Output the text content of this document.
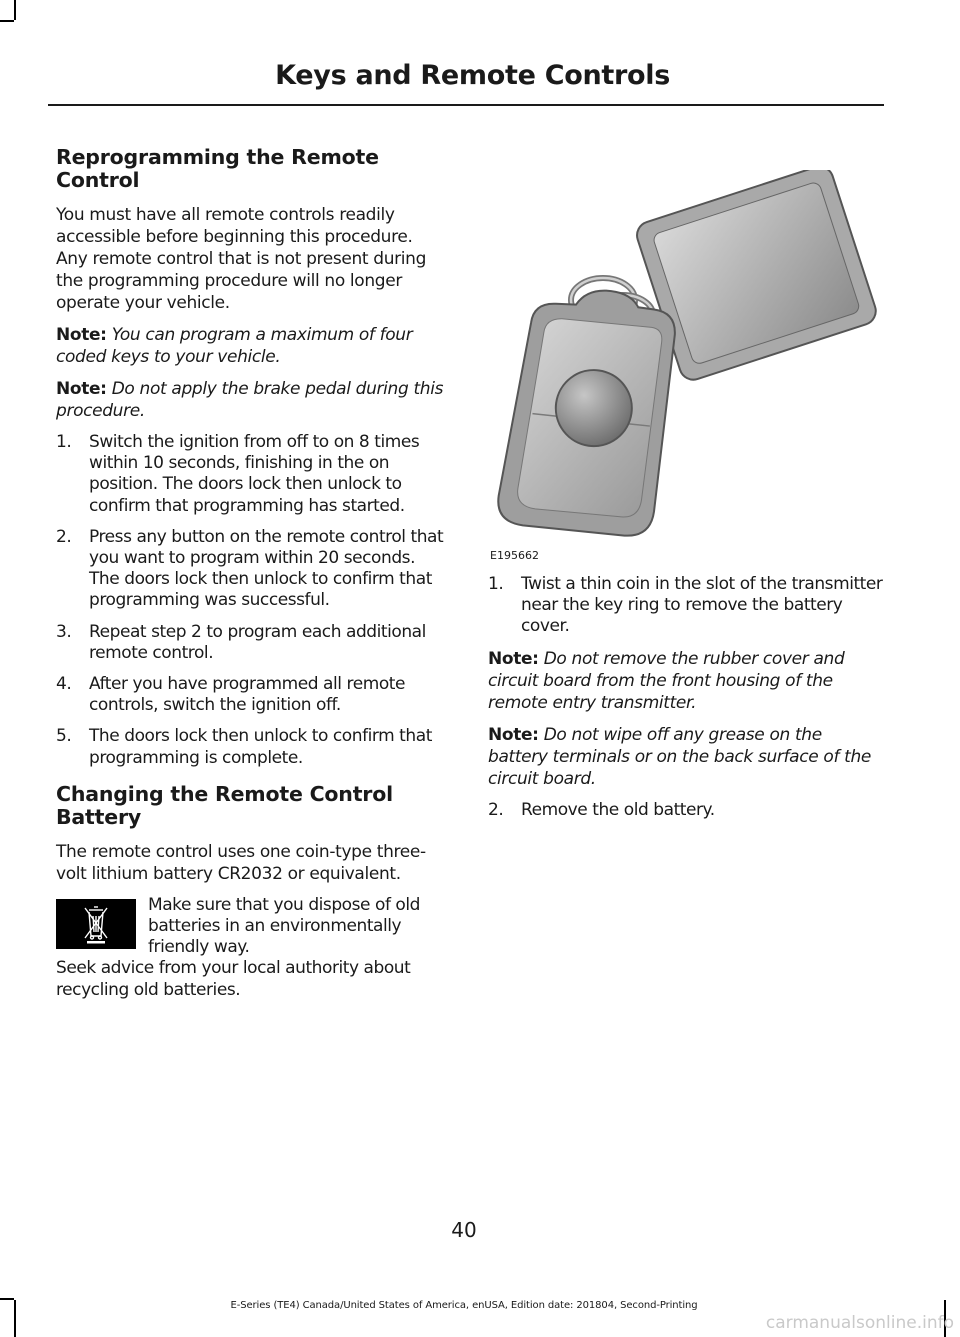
Keys and Remote Controls
Reprogramming the Remote Control

You must have all remote controls readily accessible before beginning this procedure. Any remote control that is not present during the programming procedure will no longer operate your vehicle.

Note: You can program a maximum of four coded keys to your vehicle.

Note: Do not apply the brake pedal during this procedure.

1. Switch the ignition from off to on 8 times within 10 seconds, finishing in the on position. The doors lock then unlock to confirm that programming has started.
2. Press any button on the remote control that you want to program within 20 seconds. The doors lock then unlock to confirm that programming was successful.
3. Repeat step 2 to program each additional remote control.
4. After you have programmed all remote controls, switch the ignition off.
5. The doors lock then unlock to confirm that programming is complete.
Changing the Remote Control Battery

The remote control uses one coin-type three-volt lithium battery CR2032 or equivalent.

Make sure that you dispose of old batteries in an environmentally friendly way.

Seek advice from your local authority about recycling old batteries.

E195662
1. Twist a thin coin in the slot of the transmitter near the key ring to remove the battery cover.

Note: Do not remove the rubber cover and circuit board from the front housing of the remote entry transmitter.

Note: Do not wipe off any grease on the battery terminals or on the back surface of the circuit board.

2. Remove the old battery.
40
E-Series (TE4) Canada/United States of America, enUSA, Edition date: 201804, Second-Printing
carmanualsonline.info
